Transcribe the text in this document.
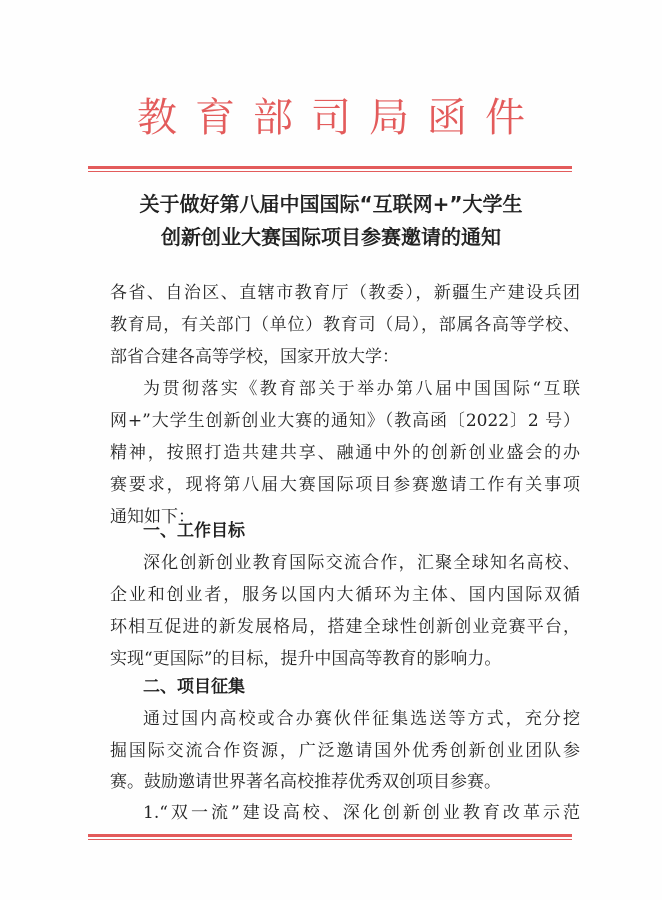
教育部司局函件
关于做好第八届中国国际“互联网+”大学生
创新创业大赛国际项目参赛邀请的通知
各省、自治区、直辖市教育厅（教委），新疆生产建设兵团
教育局，有关部门（单位）教育司（局），部属各高等学校、
部省合建各高等学校，国家开放大学：
为贯彻落实《教育部关于举办第八届中国国际“互联
网+”大学生创新创业大赛的通知》（教高函〔2022〕2 号）
精神，按照打造共建共享、融通中外的创新创业盛会的办
赛要求，现将第八届大赛国际项目参赛邀请工作有关事项
通知如下：
一、工作目标
深化创新创业教育国际交流合作，汇聚全球知名高校、
企业和创业者，服务以国内大循环为主体、国内国际双循
环相互促进的新发展格局，搭建全球性创新创业竞赛平台，
实现“更国际”的目标，提升中国高等教育的影响力。
二、项目征集
通过国内高校或合办赛伙伴征集选送等方式，充分挖
掘国际交流合作资源，广泛邀请国外优秀创新创业团队参
赛。鼓励邀请世界著名高校推荐优秀双创项目参赛。
1.“双一流”建设高校、深化创新创业教育改革示范
